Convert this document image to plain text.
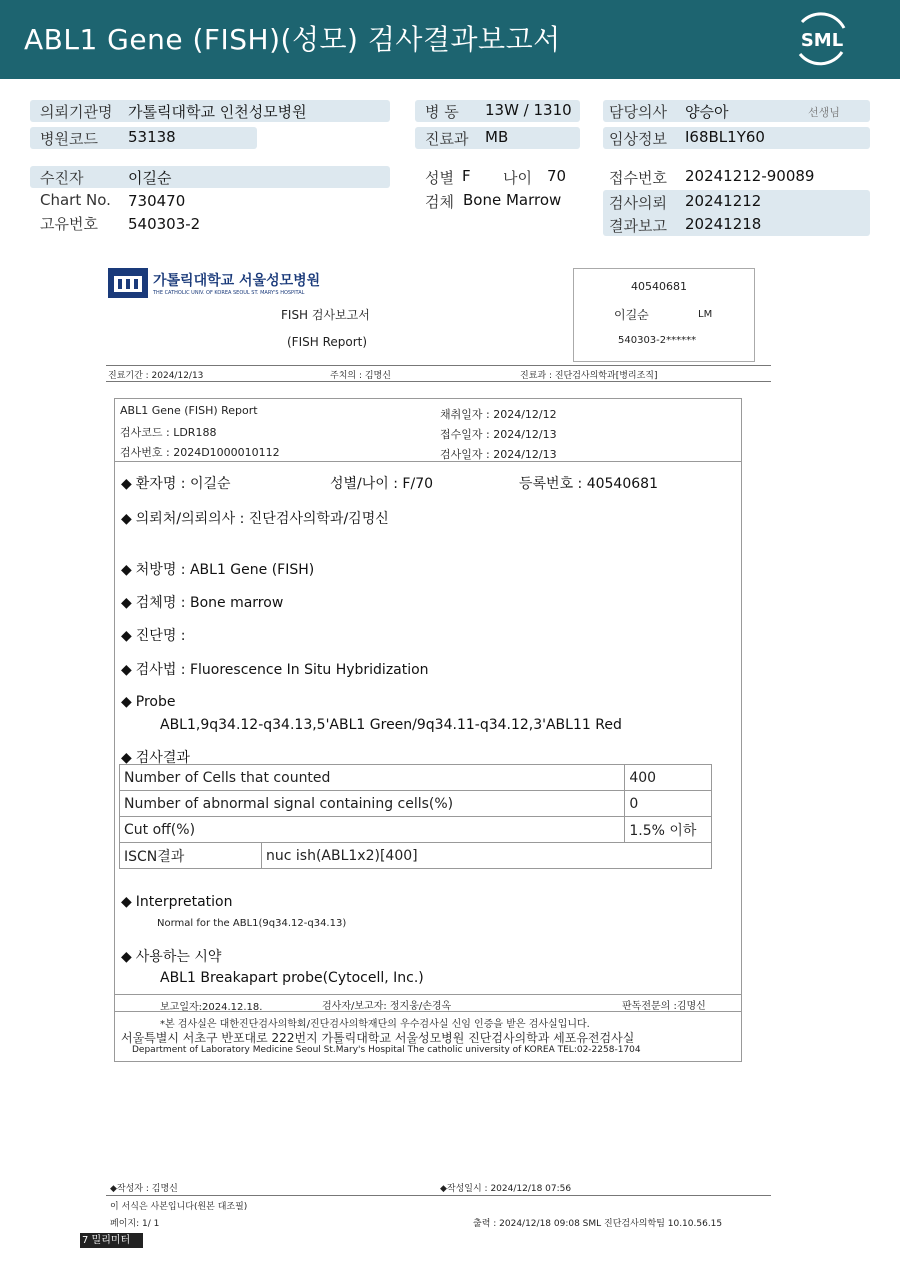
ABL1 Gene (FISH)(성모) 검사결과보고서	SML
의뢰기관명 가톨릭대학교 인천성모병원
병원코드 53138
병 동 13W / 1310
진료과 MB
담당의사 양승아	선생님
임상정보 I68BL1Y60
수진자	이길순
Chart No. 730470
고유번호 540303-2
성별 F 나이 70
검체 Bone Marrow
접수번호 20241212-90089
검사의뢰 20241212
결과보고 20241218
가톨릭대학교 서울성모병원
THE CATHOLIC UNIV. OF KOREA SEOUL ST. MARY'S HOSPITAL
FISH 검사보고서
(FISH Report)
40540681
이길순	LM
540303-2******
진료기간 : 2024/12/13	주치의 : 김명신	진료과 : 진단검사의학과[병리조직]
ABL1 Gene (FISH) Report
검사코드 : LDR188
검사번호 : 2024D1000010112
채취일자 : 2024/12/12
접수일자 : 2024/12/13
검사일자 : 2024/12/13
◆ 환자명 : 이길순	성별/나이 : F/70	등록번호 : 40540681
◆ 의뢰처/의뢰의사 : 진단검사의학과/김명신
◆ 처방명 : ABL1 Gene (FISH)
◆ 검체명 : Bone marrow
◆ 진단명 :
◆ 검사법 : Fluorescence In Situ Hybridization
◆ Probe
ABL1,9q34.12-q34.13,5'ABL1 Green/9q34.11-q34.12,3'ABL11 Red
◆ 검사결과
Number of Cells that counted		400
Number of abnormal signal containing cells(%)		0
Cut off(%)		1.5% 이하
ISCN결과	nuc ish(ABL1x2)[400]	
◆ Interpretation
Normal for the ABL1(9q34.12-q34.13)
◆ 사용하는 시약
ABL1 Breakapart probe(Cytocell, Inc.)
보고일자:2024.12.18.	검사자/보고자: 정지웅/손경옥	판독전문의 :김명신
*본 검사실은 대한진단검사의학회/진단검사의학재단의 우수검사실 신임 인증을 받은 검사실입니다.
서울특별시 서초구 반포대로 222번지 가톨릭대학교 서울성모병원 진단검사의학과 세포유전검사실
Department of Laboratory Medicine Seoul St.Mary's Hospital The catholic university of KOREA TEL:02-2258-1704
◆작성자 : 김명신	◆작성일시 : 2024/12/18 07:56
이 서식은 사본입니다(원본 대조필)
페이지: 1/ 1	출력 : 2024/12/18 09:08 SML 진단검사의학팀 10.10.56.15
7 밀리미터
